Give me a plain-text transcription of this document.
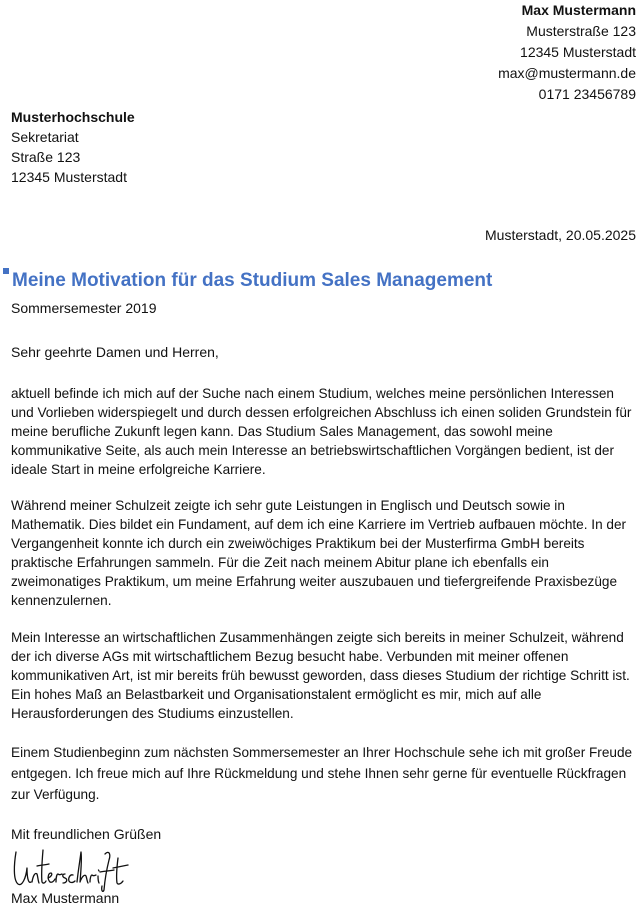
Max Mustermann
Musterstraße 123
12345 Musterstadt
max@mustermann.de
0171 23456789
Musterhochschule
Sekretariat
Straße 123
12345 Musterstadt
Musterstadt, 20.05.2025
Meine Motivation für das Studium Sales Management
Sommersemester 2019
Sehr geehrte Damen und Herren,
aktuell befinde ich mich auf der Suche nach einem Studium, welches meine persönlichen Interessen und Vorlieben widerspiegelt und durch dessen erfolgreichen Abschluss ich einen soliden Grundstein für meine berufliche Zukunft legen kann. Das Studium Sales Management, das sowohl meine kommunikative Seite, als auch mein Interesse an betriebswirtschaftlichen Vorgängen bedient, ist der ideale Start in meine erfolgreiche Karriere.
Während meiner Schulzeit zeigte ich sehr gute Leistungen in Englisch und Deutsch sowie in Mathematik. Dies bildet ein Fundament, auf dem ich eine Karriere im Vertrieb aufbauen möchte. In der Vergangenheit konnte ich durch ein zweiwöchiges Praktikum bei der Musterfirma GmbH bereits praktische Erfahrungen sammeln. Für die Zeit nach meinem Abitur plane ich ebenfalls ein zweimonatiges Praktikum, um meine Erfahrung weiter auszubauen und tiefergreifende Praxisbezüge kennenzulernen.
Mein Interesse an wirtschaftlichen Zusammenhängen zeigte sich bereits in meiner Schulzeit, während der ich diverse AGs mit wirtschaftlichem Bezug besucht habe. Verbunden mit meiner offenen kommunikativen Art, ist mir bereits früh bewusst geworden, dass dieses Studium der richtige Schritt ist. Ein hohes Maß an Belastbarkeit und Organisationstalent ermöglicht es mir, mich auf alle Herausforderungen des Studiums einzustellen.
Einem Studienbeginn zum nächsten Sommersemester an Ihrer Hochschule sehe ich mit großer Freude entgegen. Ich freue mich auf Ihre Rückmeldung und stehe Ihnen sehr gerne für eventuelle Rückfragen zur Verfügung.
Mit freundlichen Grüßen
Max Mustermann
